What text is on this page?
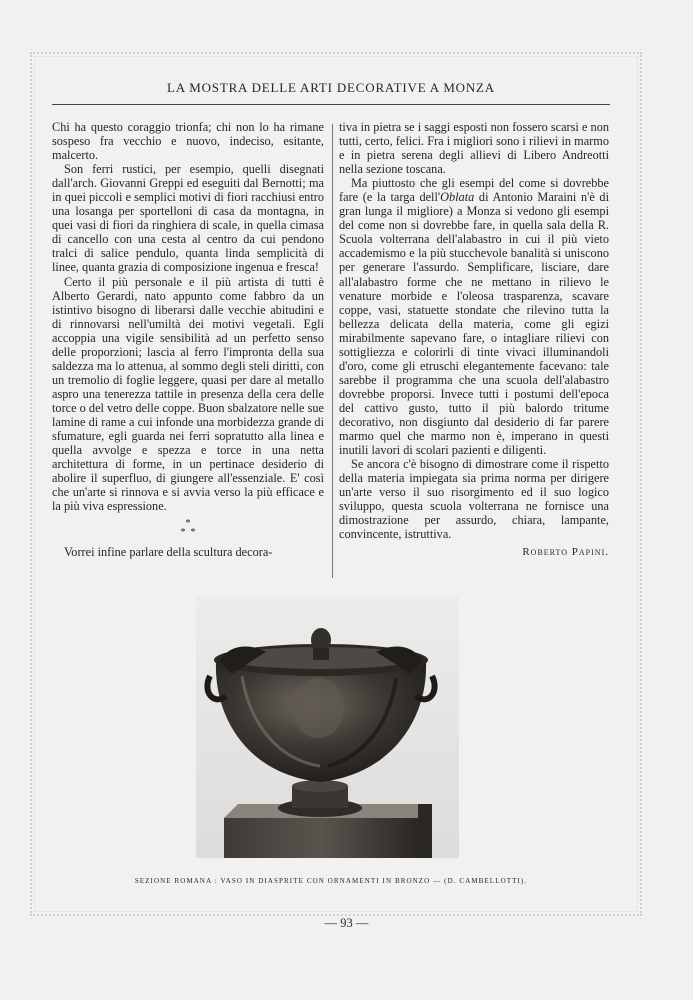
LA MOSTRA DELLE ARTI DECORATIVE A MONZA

Chi ha questo coraggio trionfa; chi non lo ha rimane sospeso fra vecchio e nuovo, indeciso, esitante, malcerto.

Son ferri rustici, per esempio, quelli disegnati dall'arch. Giovanni Greppi ed eseguiti dal Bernotti; ma in quei piccoli e semplici motivi di fiori racchiusi entro una losanga per sportelloni di casa da montagna, in quei vasi di fiori da ringhiera di scale, in quella cimasa di cancello con una cesta al centro da cui pendono tralci di salice pendulo, quanta linda semplicità di linee, quanta grazia di composizione ingenua e fresca!

Certo il più personale e il più artista di tutti è Alberto Gerardi, nato appunto come fabbro da un istintivo bisogno di liberarsi dalle vecchie abitudini e di rinnovarsi nell'umiltà dei motivi vegetali. Egli accoppia una vigile sensibilità ad un perfetto senso delle proporzioni; lascia al ferro l'impronta della sua saldezza ma lo attenua, al sommo degli steli diritti, con un tremolio di foglie leggere, quasi per dare al metallo aspro una tenerezza tattile in presenza della cera delle torce o del vetro delle coppe. Buon sbalzatore nelle sue lamine di rame a cui infonde una morbidezza grande di sfumature, egli guarda nei ferri sopratutto alla linea e quella avvolge e spezza e torce in una netta architettura di forme, in un pertinace desiderio di abolire il superfluo, di giungere all'essenziale. E' così che un'arte si rinnova e si avvia verso la più efficace e la più viva espressione.

*
*  *

Vorrei infine parlare della scultura decora-

tiva in pietra se i saggi esposti non fossero scarsi e non tutti, certo, felici. Fra i migliori sono i rilievi in marmo e in pietra serena degli allievi di Libero Andreotti nella sezione toscana.

Ma piuttosto che gli esempi del come si dovrebbe fare (e la targa dell'Oblata di Antonio Maraini n'è di gran lunga il migliore) a Monza si vedono gli esempi del come non si dovrebbe fare, in quella sala della R. Scuola volterrana dell'alabastro in cui il più vieto accademismo e la più stucchevole banalità si uniscono per generare l'assurdo. Semplificare, lisciare, dare all'alabastro forme che ne mettano in rilievo le venature morbide e l'oleosa trasparenza, scavare coppe, vasi, statuette stondate che rilevino tutta la bellezza delicata della materia, come gli egizi mirabilmente sapevano fare, o intagliare rilievi con sottigliezza e colorirli di tinte vivaci illuminandoli d'oro, come gli etruschi elegantemente facevano: tale sarebbe il programma che una scuola dell'alabastro dovrebbe proporsi. Invece tutti i postumi dell'epoca del cattivo gusto, tutto il più balordo tritume decorativo, non disgiunto dal desiderio di far parere marmo quel che marmo non è, imperano in questi inutili lavori di scolari pazienti e diligenti.

Se ancora c'è bisogno di dimostrare come il rispetto della materia impiegata sia prima norma per dirigere un'arte verso il suo risorgimento ed il suo logico sviluppo, questa scuola volterrana ne fornisce una dimostrazione per assurdo, chiara, lampante, convincente, istruttiva.

Roberto Papini.
SEZIONE ROMANA : VASO IN DIASPRITE CON ORNAMENTI IN BRONZO — (D. CAMBELLOTTI).
— 93 —
